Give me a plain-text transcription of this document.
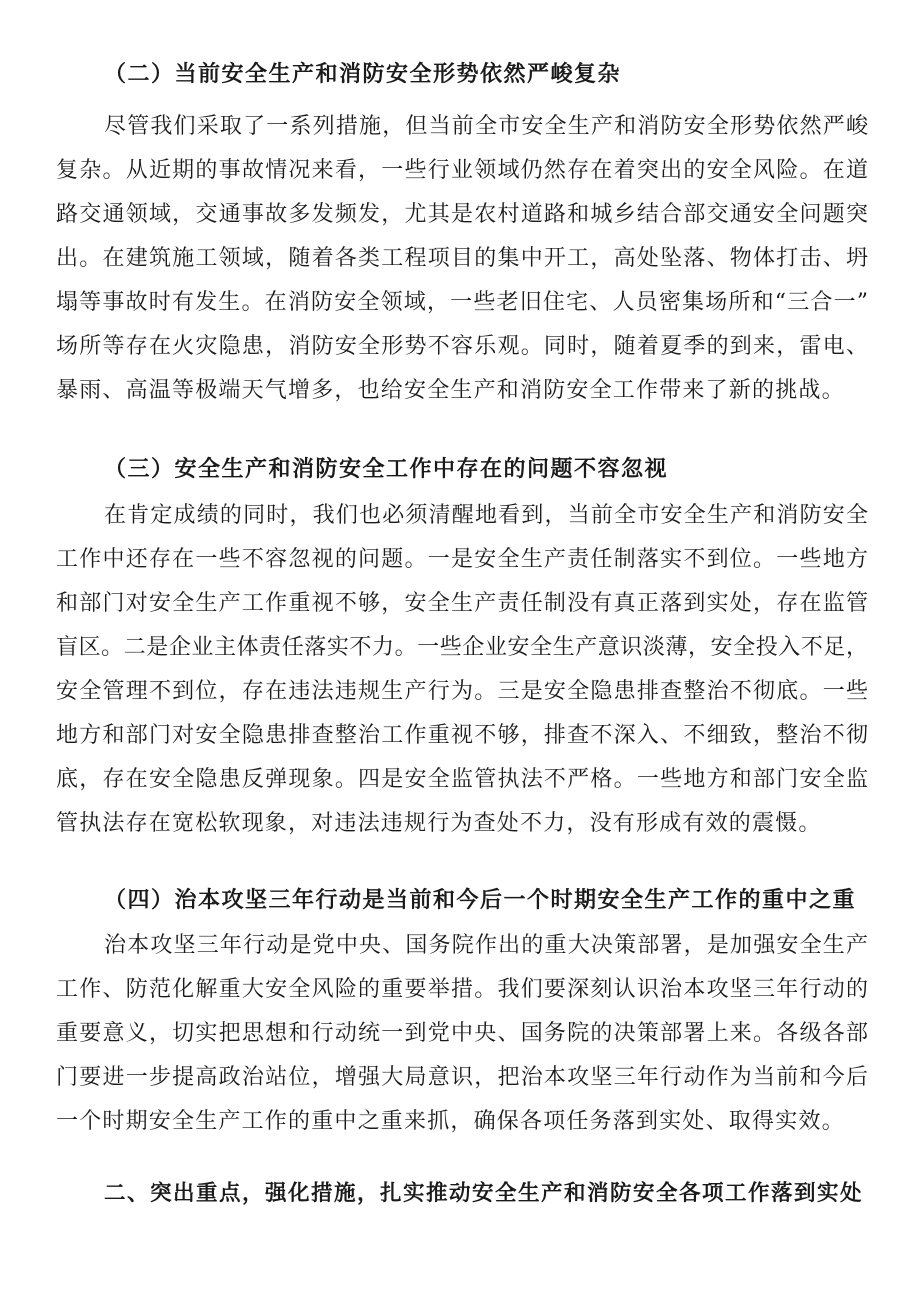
（二）当前安全生产和消防安全形势依然严峻复杂
尽管我们采取了一系列措施，但当前全市安全生产和消防安全形势依然严峻
复杂。从近期的事故情况来看，一些行业领域仍然存在着突出的安全风险。在道
路交通领域，交通事故多发频发，尤其是农村道路和城乡结合部交通安全问题突
出。在建筑施工领域，随着各类工程项目的集中开工，高处坠落、物体打击、坍
塌等事故时有发生。在消防安全领域，一些老旧住宅、人员密集场所和“三合一”
场所等存在火灾隐患，消防安全形势不容乐观。同时，随着夏季的到来，雷电、
暴雨、高温等极端天气增多，也给安全生产和消防安全工作带来了新的挑战。
（三）安全生产和消防安全工作中存在的问题不容忽视
在肯定成绩的同时，我们也必须清醒地看到，当前全市安全生产和消防安全
工作中还存在一些不容忽视的问题。一是安全生产责任制落实不到位。一些地方
和部门对安全生产工作重视不够，安全生产责任制没有真正落到实处，存在监管
盲区。二是企业主体责任落实不力。一些企业安全生产意识淡薄，安全投入不足，
安全管理不到位，存在违法违规生产行为。三是安全隐患排查整治不彻底。一些
地方和部门对安全隐患排查整治工作重视不够，排查不深入、不细致，整治不彻
底，存在安全隐患反弹现象。四是安全监管执法不严格。一些地方和部门安全监
管执法存在宽松软现象，对违法违规行为查处不力，没有形成有效的震慑。
（四）治本攻坚三年行动是当前和今后一个时期安全生产工作的重中之重
治本攻坚三年行动是党中央、国务院作出的重大决策部署，是加强安全生产
工作、防范化解重大安全风险的重要举措。我们要深刻认识治本攻坚三年行动的
重要意义，切实把思想和行动统一到党中央、国务院的决策部署上来。各级各部
门要进一步提高政治站位，增强大局意识，把治本攻坚三年行动作为当前和今后
一个时期安全生产工作的重中之重来抓，确保各项任务落到实处、取得实效。
二、突出重点，强化措施，扎实推动安全生产和消防安全各项工作落到实处
